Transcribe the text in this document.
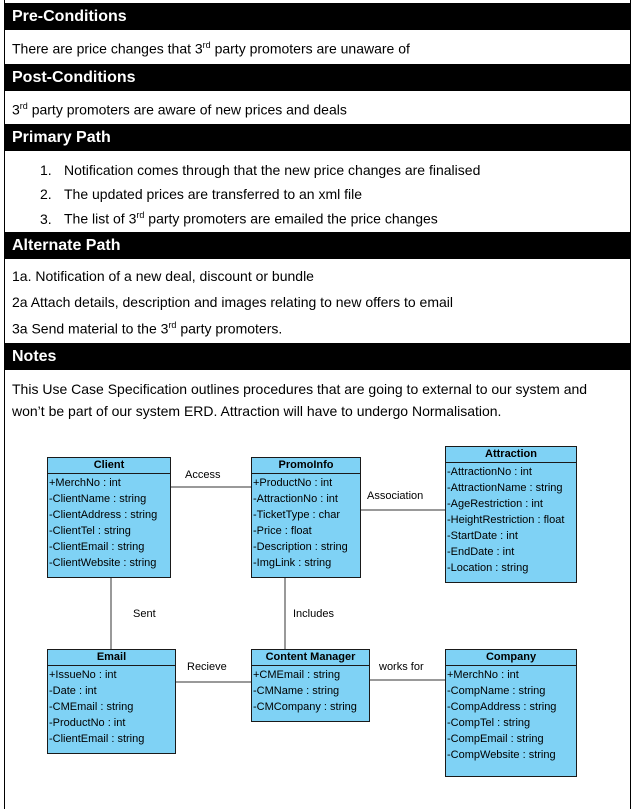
Pre-Conditions
There are price changes that 3rd party promoters are unaware of
Post-Conditions
3rd party promoters are aware of new prices and deals
Primary Path
1. Notification comes through that the new price changes are finalised
2. The updated prices are transferred to an xml file
3. The list of 3rd party promoters are emailed the price changes
Alternate Path
1a. Notification of a new deal, discount or bundle
2a Attach details, description and images relating to new offers to email
3a Send material to the 3rd party promoters.
Notes
This Use Case Specification outlines procedures that are going to external to our system and won’t be part of our system ERD. Attraction will have to undergo Normalisation.
Client
+MerchNo : int
-ClientName : string
-ClientAddress : string
-ClientTel : string
-ClientEmail : string
-ClientWebsite : string
PromoInfo
+ProductNo : int
-AttractionNo : int
-TicketType : char
-Price : float
-Description : string
-ImgLink : string
Attraction
-AttractionNo : int
-AttractionName : string
-AgeRestriction : int
-HeightRestriction : float
-StartDate : int
-EndDate : int
-Location : string
Email
+IssueNo : int
-Date : int
-CMEmail : string
-ProductNo : int
-ClientEmail : string
Content Manager
+CMEmail : string
-CMName : string
-CMCompany : string
Company
+MerchNo : int
-CompName : string
-CompAddress : string
-CompTel : string
-CompEmail : string
-CompWebsite : string
Access
Association
Sent	Includes
Recieve	works for
